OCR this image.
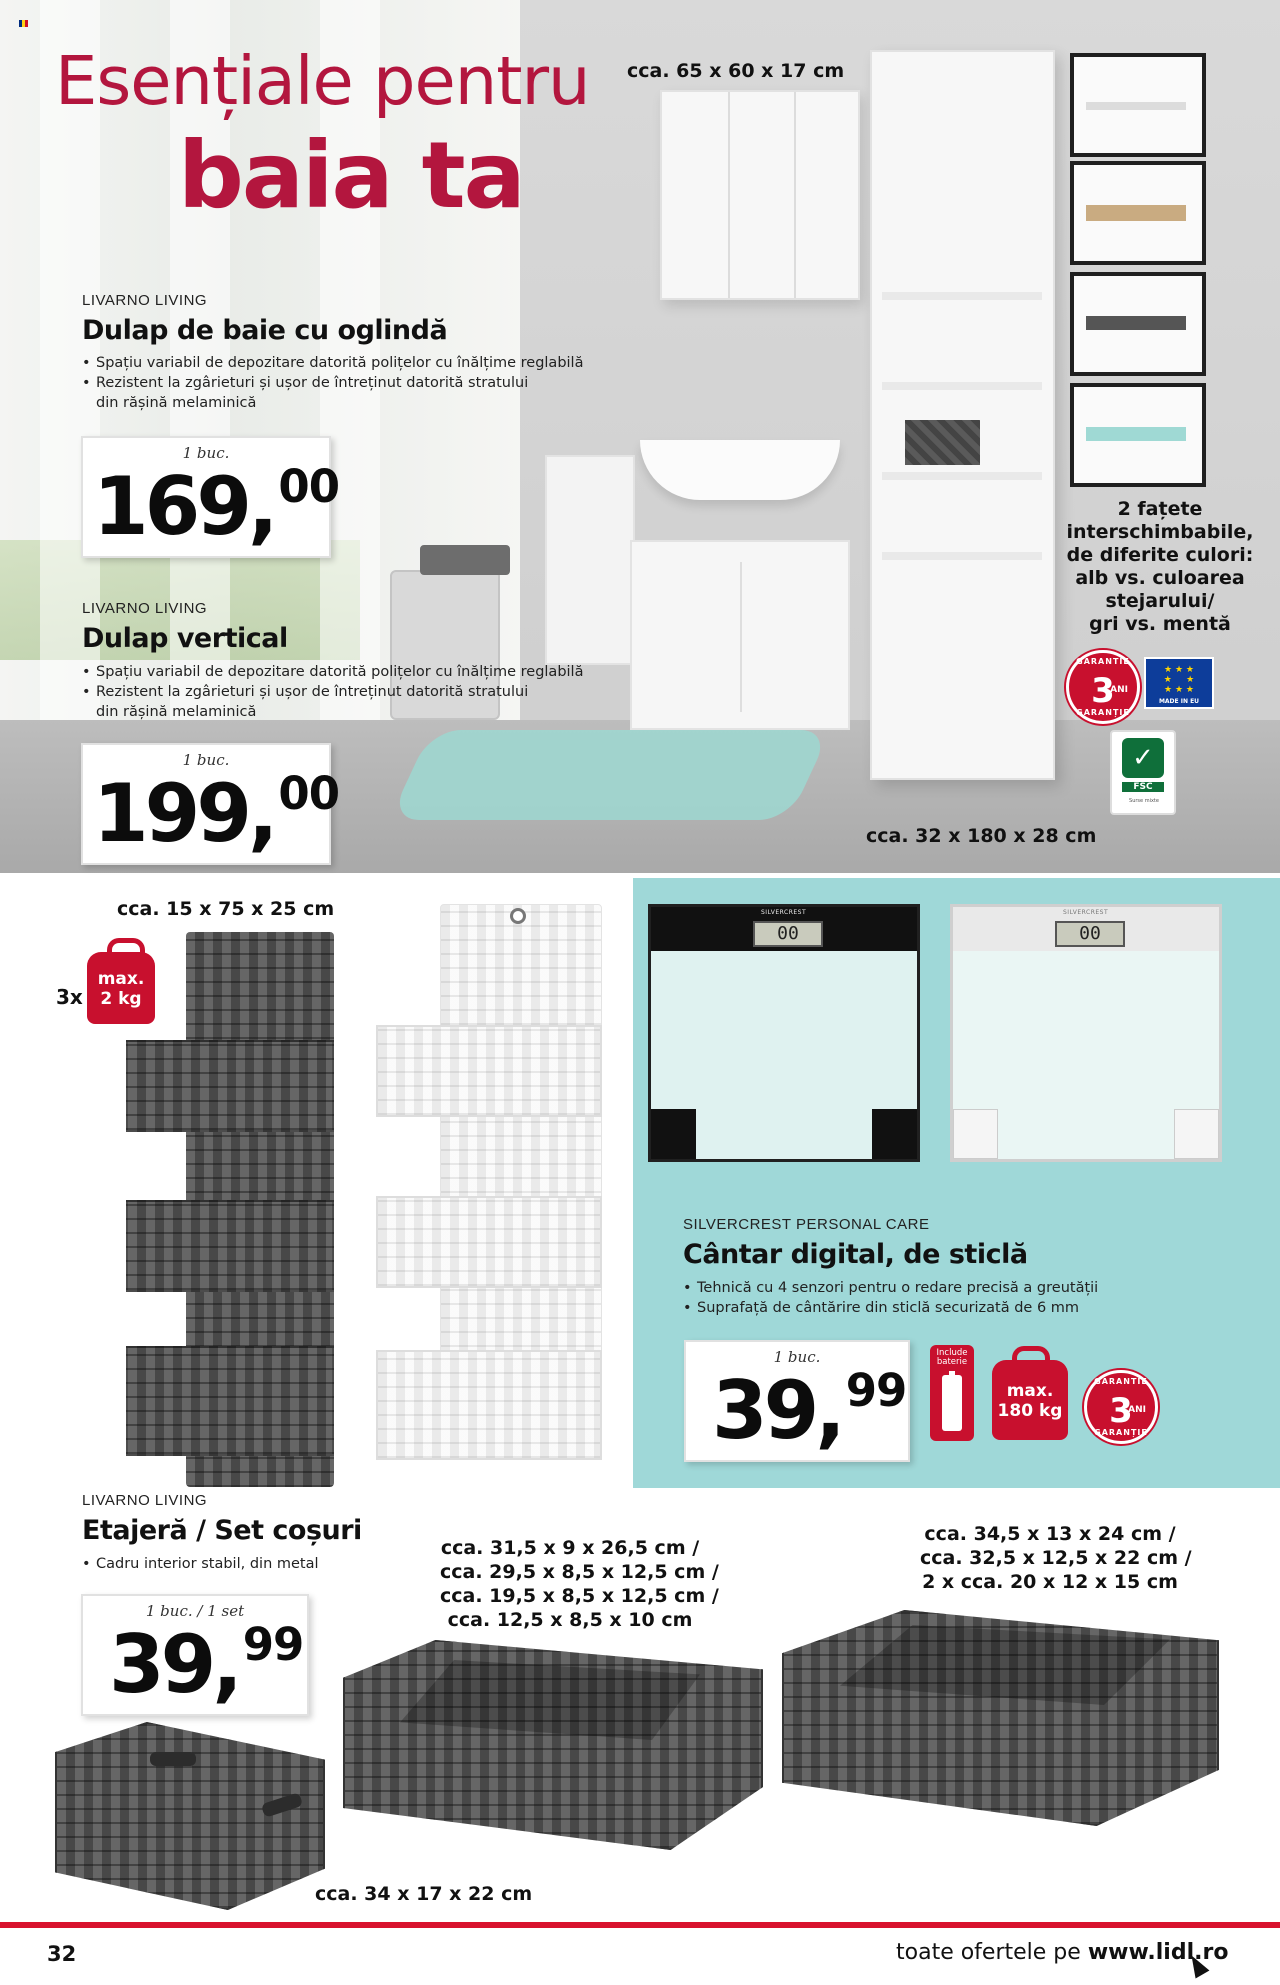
Esențiale pentru
baia ta
cca. 65 x 60 x 17 cm
2 fațete
interschimbabile,
de diferite culori:
alb vs. culoarea
stejarului/
gri vs. mentă
GARANTIE
3
ANI
GARANȚIE
★ ★ ★
★     ★
★ ★ ★
MADE IN EU
✓
FSC
Surse mixte
LIVARNO LIVING
Dulap de baie cu oglindă
• Spațiu variabil de depozitare datorită polițelor cu înălțime reglabilă
• Rezistent la zgârieturi și ușor de întreținut datorită stratului
din rășină melaminică
1 buc.
169,00
LIVARNO LIVING
Dulap vertical
• Spațiu variabil de depozitare datorită polițelor cu înălțime reglabilă
• Rezistent la zgârieturi și ușor de întreținut datorită stratului
din rășină melaminică
1 buc.
199,00
cca. 32 x 180 x 28 cm
cca. 15 x 75 x 25 cm
3x
max.
2 kg
SILVERCREST
00
SILVERCREST
00
SILVERCREST PERSONAL CARE
Cântar digital, de sticlă
• Tehnică cu 4 senzori pentru o redare precisă a greutății
• Suprafață de cântărire din sticlă securizată de 6 mm
1 buc.
39,99
Include baterie
max.
180 kg
GARANTIE
3
ANI
GARANȚIE
LIVARNO LIVING
Etajeră / Set coșuri
• Cadru interior stabil, din metal
1 buc. / 1 set
39,99
cca. 31,5 x 9 x 26,5 cm /
cca. 29,5 x 8,5 x 12,5 cm /
cca. 19,5 x 8,5 x 12,5 cm /
cca. 12,5 x 8,5 x 10 cm
cca. 34,5 x 13 x 24 cm /
cca. 32,5 x 12,5 x 22 cm /
2 x cca. 20 x 12 x 15 cm
cca. 34 x 17 x 22 cm
32	toate ofertele pe www.lidl.ro
